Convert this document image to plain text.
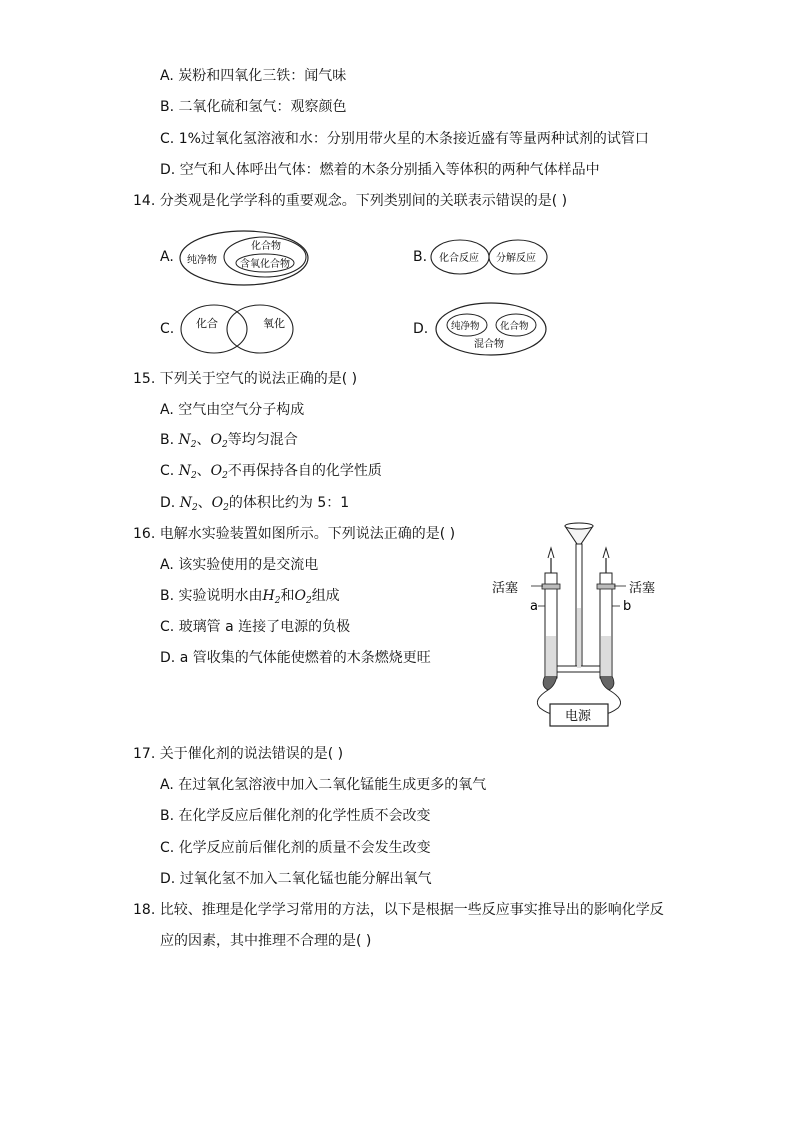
A. 炭粉和四氧化三铁：闻气味
B. 二氧化硫和氢气：观察颜色
C. 1%过氧化氢溶液和水：分别用带火星的木条接近盛有等量两种试剂的试管口
D. 空气和人体呼出气体：燃着的木条分别插入等体积的两种气体样品中
14. 分类观是化学学科的重要观念。下列类别间的关联表示错误的是( )
A. 纯净物
化合物
含氧化合物	B. 化合反应 分解反应
C. 化合	氧化	D. 纯净物 化合物
混合物
15. 下列关于空气的说法正确的是( )
A. 空气由空气分子构成
B. $N_2$、$O_2$等均匀混合
C. $N_2$、$O_2$不再保持各自的化学性质
D. $N_2$、$O_2$的体积比约为 5：1
16. 电解水实验装置如图所示。下列说法正确的是( )
A. 该实验使用的是交流电
B. 实验说明水由$H_2$和$O_2$组成
C. 玻璃管 a 连接了电源的负极
D. a 管收集的气体能使燃着的木条燃烧更旺
电源
活塞	活塞
a	b
17. 关于催化剂的说法错误的是( )
A. 在过氧化氢溶液中加入二氧化锰能生成更多的氧气
B. 在化学反应后催化剂的化学性质不会改变
C. 化学反应前后催化剂的质量不会发生改变
D. 过氧化氢不加入二氧化锰也能分解出氧气
18. 比较、推理是化学学习常用的方法，以下是根据一些反应事实推导出的影响化学反
应的因素，其中推理不合理的是( )
